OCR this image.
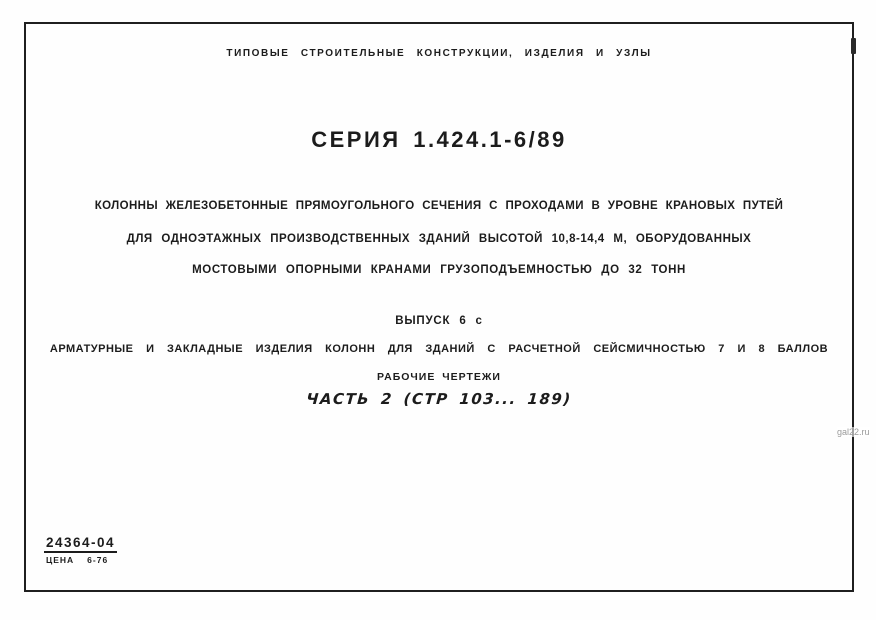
ТИПОВЫЕ СТРОИТЕЛЬНЫЕ КОНСТРУКЦИИ, ИЗДЕЛИЯ И УЗЛЫ
СЕРИЯ 1.424.1-6/89
КОЛОННЫ ЖЕЛЕЗОБЕТОННЫЕ ПРЯМОУГОЛЬНОГО СЕЧЕНИЯ С ПРОХОДАМИ В УРОВНЕ КРАНОВЫХ ПУТЕЙ
ДЛЯ ОДНОЭТАЖНЫХ ПРОИЗВОДСТВЕННЫХ ЗДАНИЙ ВЫСОТОЙ 10,8-14,4 М, ОБОРУДОВАННЫХ
МОСТОВЫМИ ОПОРНЫМИ КРАНАМИ ГРУЗОПОДЪЕМНОСТЬЮ ДО 32 ТОНН
ВЫПУСК 6 с
АРМАТУРНЫЕ И ЗАКЛАДНЫЕ ИЗДЕЛИЯ КОЛОНН ДЛЯ ЗДАНИЙ С РАСЧЕТНОЙ СЕЙСМИЧНОСТЬЮ 7 И 8 БАЛЛОВ
РАБОЧИЕ ЧЕРТЕЖИ
ЧАСТЬ 2 (СТР 103... 189)
24364-04
ЦЕНА 6-76
gal22.ru
